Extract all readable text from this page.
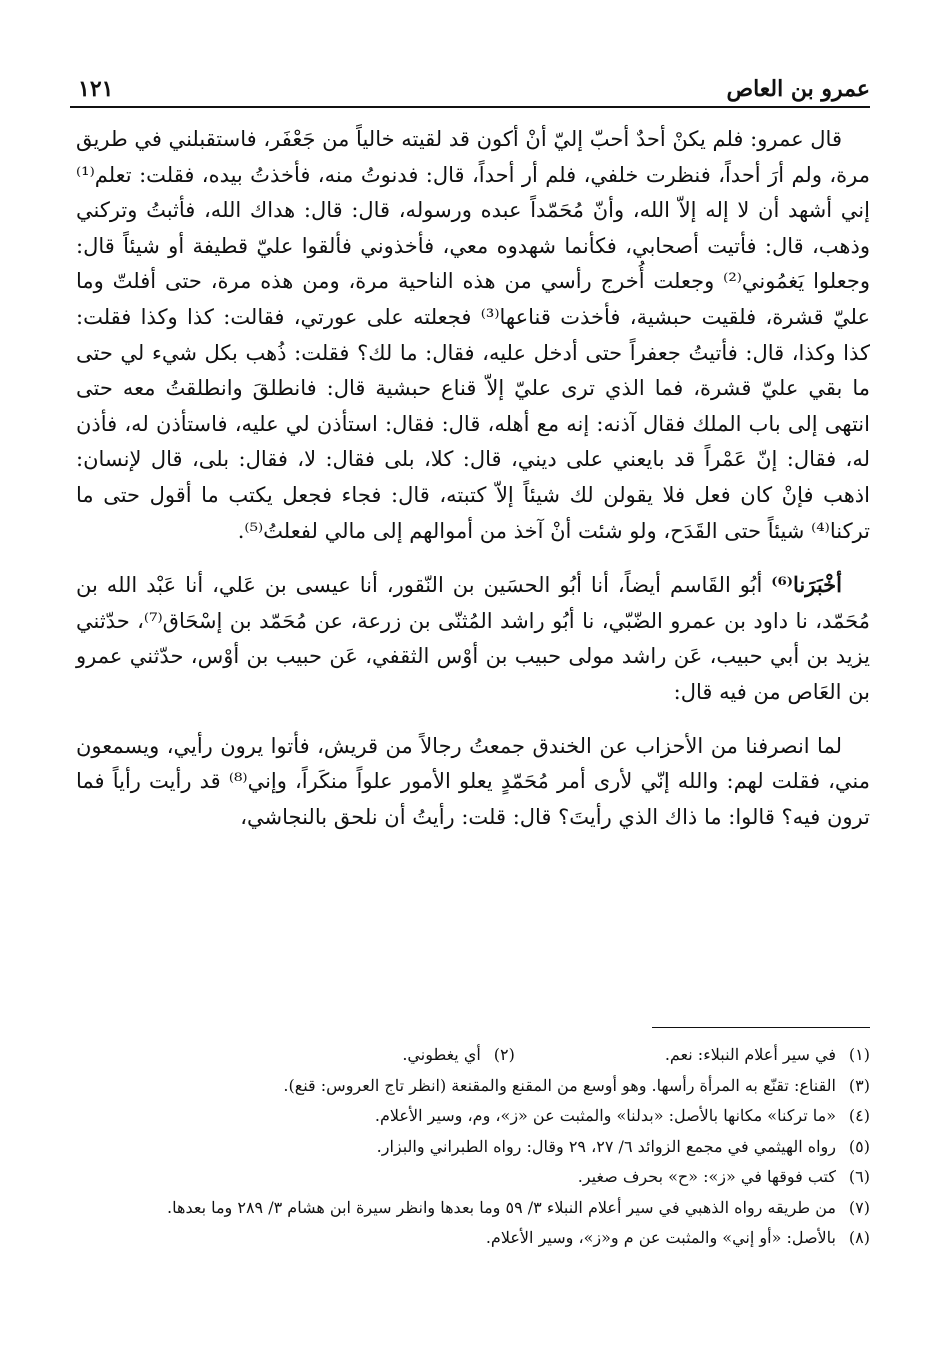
عمرو بن العاص
١٢١

قال عمرو: فلم يكنْ أحدٌ أحبّ إليّ أنْ أكون قد لقيته خالياً من جَعْفَر، فاستقبلني في طريق مرة، ولم أرَ أحداً، فنظرت خلفي، فلم أر أحداً، قال: فدنوتُ منه، فأخذتُ بيده، فقلت: تعلم⁽¹⁾ إني أشهد أن لا إله إلاّ الله، وأنّ مُحَمّداً عبده ورسوله، قال: قال: هداك الله، فأثبتُ وتركني وذهب، قال: فأتيت أصحابي، فكأنما شهدوه معي، فأخذوني فألقوا عليّ قطيفة أو شيئاً قال: وجعلوا يَغمُوني⁽²⁾ وجعلت أُخرج رأسي من هذه الناحية مرة، ومن هذه مرة، حتى أفلتّ وما عليّ قشرة، فلقيت حبشية، فأخذت قناعها⁽³⁾ فجعلته على عورتي، فقالت: كذا وكذا فقلت: كذا وكذا، قال: فأتيتُ جعفراً حتى أدخل عليه، فقال: ما لك؟ فقلت: ذُهب بكل شيء لي حتى ما بقي عليّ قشرة، فما الذي ترى عليّ إلاّ قناع حبشية قال: فانطلقَ وانطلقتُ معه حتى انتهى إلى باب الملك فقال آذنه: إنه مع أهله، قال: فقال: استأذن لي عليه، فاستأذن له، فأذن له، فقال: إنّ عَمْراً قد بايعني على ديني، قال: كلا، بلى فقال: لا، فقال: بلى، قال لإنسان: اذهب فإنْ كان فعل فلا يقولن لك شيئاً إلاّ كتبته، قال: فجاء فجعل يكتب ما أقول حتى ما تركنا⁽⁴⁾ شيئاً حتى القَدَح، ولو شئت أنْ آخذ من أموالهم إلى مالي لفعلتُ⁽⁵⁾.

أخْبَرَنا⁽⁶⁾ أبُو القَاسم أيضاً، أنا أبُو الحسَين بن النّقور، أنا عيسى بن عَلي، أنا عَبْد الله بن مُحَمّد، نا داود بن عمرو الضّبّي، نا أبُو راشد المُثنّى بن زرعة، عن مُحَمّد بن إسْحَاق⁽⁷⁾، حدّثني يزيد بن أبي حبيب، عَن راشد مولى حبيب بن أوْس الثقفي، عَن حبيب بن أوْس، حدّثني عمرو بن العَاص من فيه قال:

لما انصرفنا من الأحزاب عن الخندق جمعتُ رجالاً من قريش، فأتوا يرون رأيي، ويسمعون مني، فقلت لهم: والله إنّي لأرى أمر مُحَمّدٍ يعلو الأمور علواً منكَراً، وإني⁽⁸⁾ قد رأيت رأياً فما ترون فيه؟ قالوا: ما ذاك الذي رأيتَ؟ قال: قلت: رأيتُ أن نلحق بالنجاشي،

(١)في سير أعلام النبلاء: نعم.(٢)أي يغطوني.
(٣)القناع: تقنّع به المرأة رأسها. وهو أوسع من المقنع والمقنعة (انظر تاج العروس: قنع).
(٤)«ما تركنا» مكانها بالأصل: «بدلنا» والمثبت عن «ز»، وم، وسير الأعلام.
(٥)رواه الهيثمي في مجمع الزوائد ٦/ ٢٧، ٢٩ وقال: رواه الطبراني والبزار.
(٦)كتب فوقها في «ز»: «ح» بحرف صغير.
(٧)من طريقه رواه الذهبي في سير أعلام النبلاء ٣/ ٥٩ وما بعدها وانظر سيرة ابن هشام ٣/ ٢٨٩ وما بعدها.
(٨)بالأصل: «أو إني» والمثبت عن م و«ز»، وسير الأعلام.
